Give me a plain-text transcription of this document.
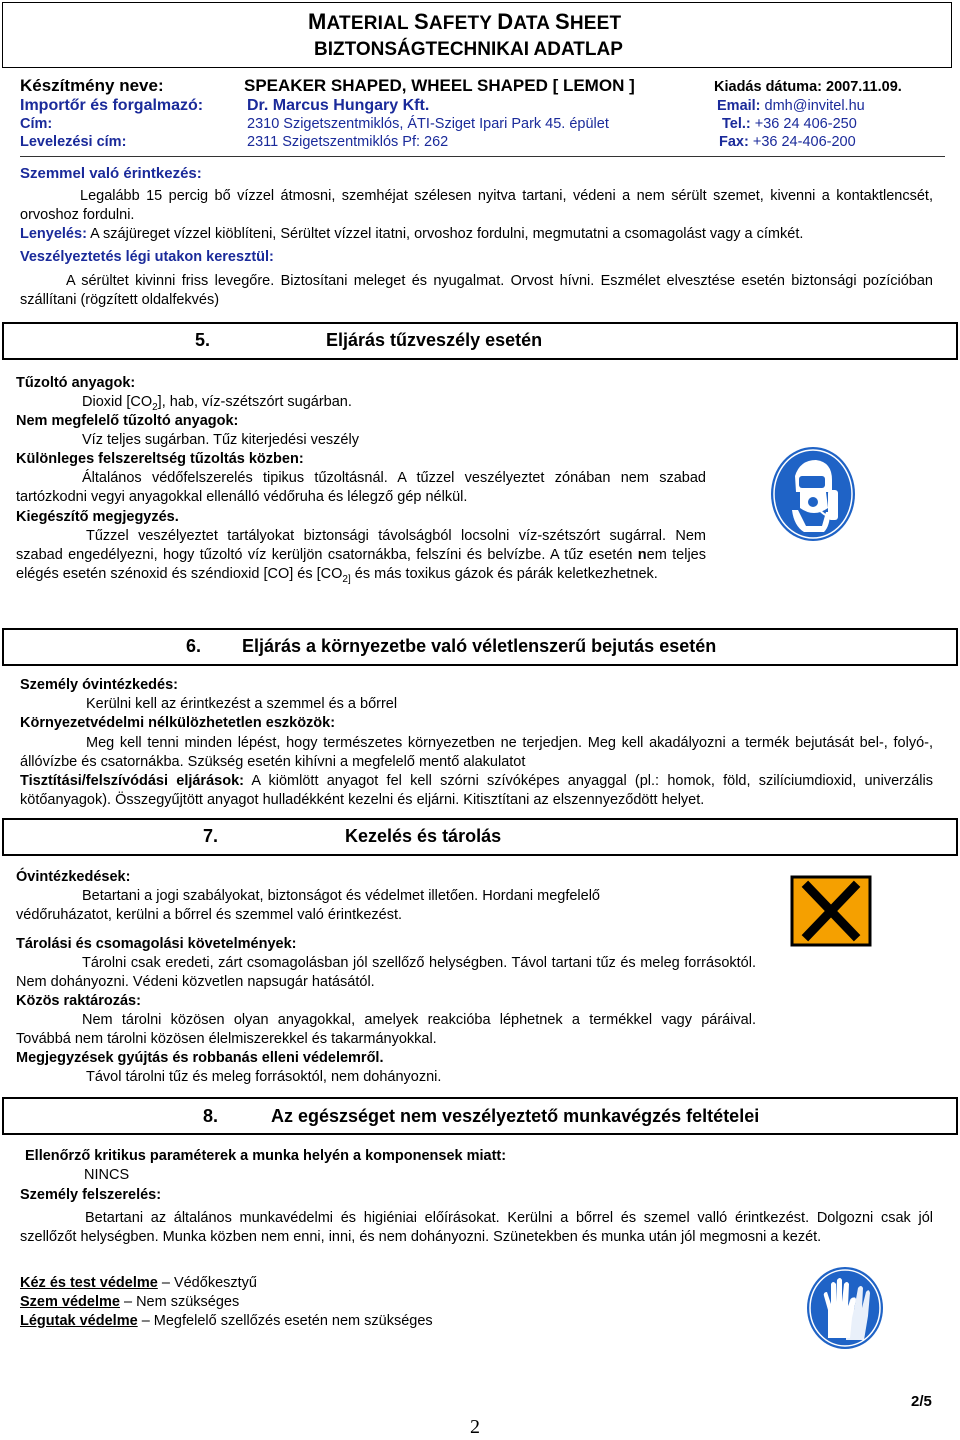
MATERIAL SAFETY DATA SHEET
BIZTONSÁGTECHNIKAI ADATLAP
Készítmény neve:	SPEAKER SHAPED, WHEEL SHAPED [ LEMON ]	Kiadás dátuma: 2007.11.09.
Importőr és forgalmazó:	Dr. Marcus Hungary Kft.	Email: dmh@invitel.hu
Cím:	2310 Szigetszentmiklós, ÁTI-Sziget Ipari Park 45. épület	Tel.: +36 24 406-250
Levelezési cím:	2311 Szigetszentmiklós Pf: 262	Fax: +36 24-406-200
Szemmel való érintkezés:
Legalább 15 percig bő vízzel átmosni, szemhéjat szélesen nyitva tartani, védeni a nem sérült szemet, kivenni a kontaktlencsét, orvoshoz fordulni.
Lenyelés: A szájüreget vízzel kiöblíteni, Sérültet vízzel itatni, orvoshoz fordulni, megmutatni a csomagolást vagy a címkét.
Veszélyeztetés légi utakon keresztül:
A sérültet kivinni friss levegőre. Biztosítani meleget és nyugalmat. Orvost hívni. Eszmélet elvesztése esetén biztonsági pozícióban szállítani (rögzített oldalfekvés)
5.	Eljárás tűzveszély esetén
Tűzoltó anyagok:
Dioxid $[CO_2]$, hab, víz-szétszórt sugárban.
Nem megfelelő tűzoltó anyagok:
Víz teljes sugárban. Tűz kiterjedési veszély
Különleges felszereltség tűzoltás közben:
Általános védőfelszerelés tipikus tűzoltásnál. A tűzzel veszélyeztet zónában nem szabad tartózkodni vegyi anyagokkal ellenálló védőruha és lélegző gép nélkül.
Kiegészítő megjegyzés.
Tűzzel veszélyeztet tartályokat biztonsági távolságból locsolni víz-szétszórt sugárral. Nem szabad engedélyezni, hogy tűzoltó víz kerüljön csatornákba, felszíni és belvízbe. A tűz esetén nem teljes elégés esetén szénoxid és széndioxid [CO] és [$CO_{2]}$ és más toxikus gázok és párák keletkezhetnek.
6. Eljárás a környezetbe való véletlenszerű bejutás esetén
Személy óvintézkedés:
Kerülni kell az érintkezést a szemmel és a bőrrel
Környezetvédelmi nélkülözhetetlen eszközök:
Meg kell tenni minden lépést, hogy természetes környezetben ne terjedjen. Meg kell akadályozni a termék bejutását bel-, folyó-, állóvízbe és csatornákba. Szükség esetén kihívni a megfelelő mentő alakulatot
Tisztítási/felszívódási eljárások: A kiömlött anyagot fel kell szórni szívóképes anyaggal (pl.: homok, föld, szilíciumdioxid, univerzális kötőanyagok). Összegyűjtött anyagot hulladékként kezelni és eljárni. Kitisztítani az elszennyeződött helyet.
7.	Kezelés és tárolás
Óvintézkedések:
Betartani a jogi szabályokat, biztonságot és védelmet illetően. Hordani megfelelő védőruházatot, kerülni a bőrrel és szemmel való érintkezést.
Tárolási és csomagolási követelmények:
Tárolni csak eredeti, zárt csomagolásban jól szellőző helységben. Távol tartani tűz és meleg forrásoktól. Nem dohányozni. Védeni közvetlen napsugár hatásától.
Közös raktározás:
Nem tárolni közösen olyan anyagokkal, amelyek reakcióba léphetnek a termékkel vagy páráival. Továbbá nem tárolni közösen élelmiszerekkel és takarmányokkal.
Megjegyzések gyújtás és robbanás elleni védelemről.
Távol tárolni tűz és meleg forrásoktól, nem dohányozni.
8.	Az egészséget nem veszélyeztető munkavégzés feltételei
Ellenőrző kritikus paraméterek a munka helyén a komponensek miatt:
NINCS
Személy felszerelés:
Betartani az általános munkavédelmi és higiéniai előírásokat. Kerülni a bőrrel és szemel valló érintkezést. Dolgozni csak jól szellőzőt helységben. Munka közben nem enni, inni, és nem dohányozni. Szünetekben és munka után jól megmosni a kezét.
Kéz és test védelme – Védőkesztyű
Szem védelme – Nem szükséges
Légutak védelme – Megfelelő szellőzés esetén nem szükséges
2/5
2
